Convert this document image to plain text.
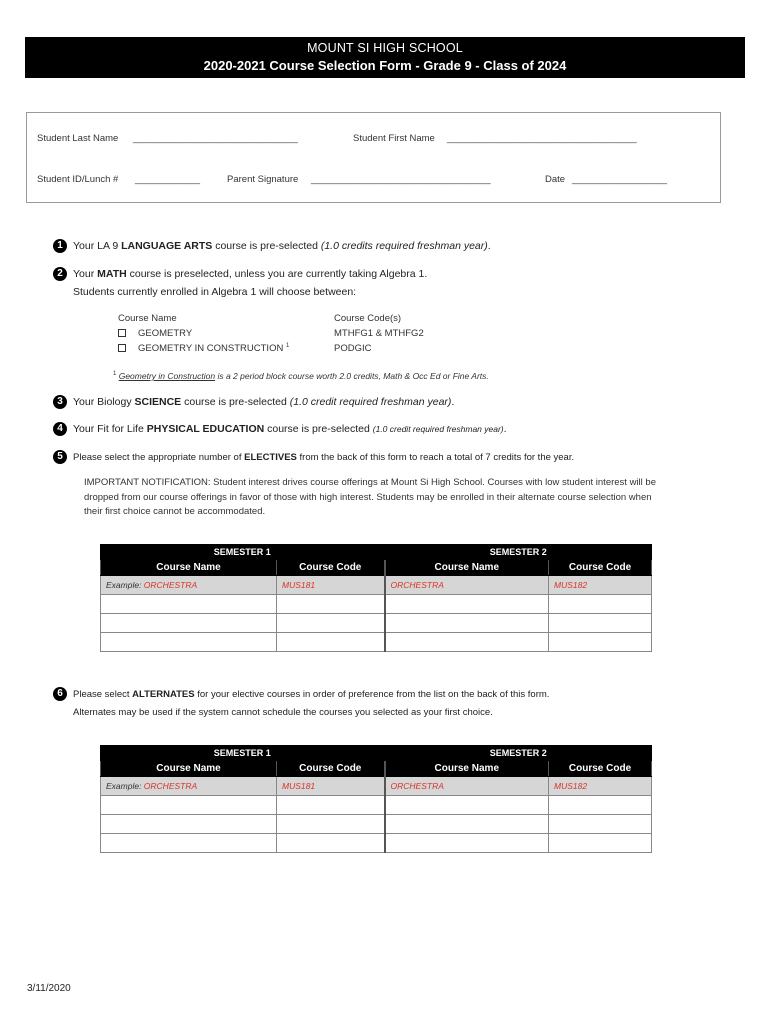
MOUNT SI HIGH SCHOOL
2020-2021 Course Selection Form - Grade 9 - Class of 2024
Student Last Name _________________________________	Student First Name ______________________________________
Student ID/Lunch # _____________	Parent Signature ____________________________________	Date ___________________
1 Your LA 9 LANGUAGE ARTS course is pre-selected (1.0 credits required freshman year).
2 Your MATH course is preselected, unless you are currently taking Algebra 1.
Students currently enrolled in Algebra 1 will choose between:
Course Name	Course Code(s)
GEOMETRY	MTHFG1 & MTHFG2
GEOMETRY IN CONSTRUCTION $^1$	PODGIC
$^1$ Geometry in Construction is a 2 period block course worth 2.0 credits, Math & Occ Ed or Fine Arts.
3 Your Biology SCIENCE course is pre-selected (1.0 credit required freshman year).
4 Your Fit for Life PHYSICAL EDUCATION course is pre-selected (1.0 credit required freshman year).
5	Please select the appropriate number of ELECTIVES from the back of this form to reach a total of 7 credits for the year.
IMPORTANT NOTIFICATION: Student interest drives course offerings at Mount Si High School. Courses with low student interest will be dropped from our course offerings in favor of those with high interest. Students may be enrolled in their alternate course selection when their first choice cannot be accommodated.
SEMESTER 1		SEMESTER 2	
Course Name	Course Code	Course Name	Course Code
Example: ORCHESTRA	MUS181	ORCHESTRA	MUS182

6	Please select ALTERNATES for your elective courses in order of preference from the list on the back of this form.
Alternates may be used if the system cannot schedule the courses you selected as your first choice.
SEMESTER 1		SEMESTER 2	
Course Name	Course Code	Course Name	Course Code
Example: ORCHESTRA	MUS181	ORCHESTRA	MUS182

3/11/2020
